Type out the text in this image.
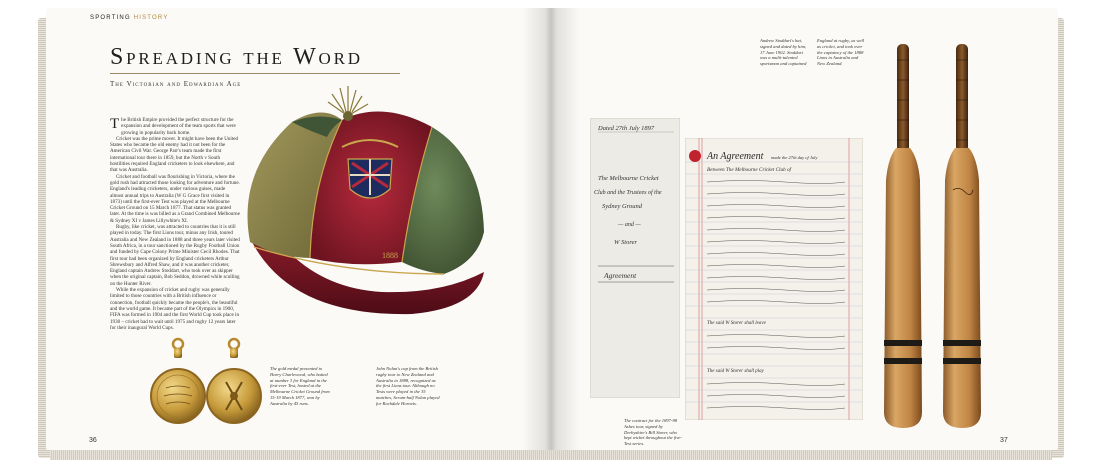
SPORTING HISTORY
Spreading the Word
The Victorian and Edwardian Age

The British Empire provided the perfect structure for the expansion and development of the team sports that were growing in popularity back home.

Cricket was the prime mover. It might have been the United States who became the old enemy had it not been for the American Civil War. George Parr's team made the first international tour there in 1859, but the North v South hostilities required England cricketers to look elsewhere, and that was Australia.

Cricket and football was flourishing in Victoria, where the gold rush had attracted those looking for adventure and fortune. England's leading cricketers, under various guises, made almost annual trips to Australia (W G Grace first visited in 1873) until the first-ever Test was played at the Melbourne Cricket Ground on 15 March 1877. That status was granted later. At the time is was billed as a Grand Combined Melbourne & Sydney XI v James Lillywhite's XI.

Rugby, like cricket, was attracted to countries that it is still played in today. The first Lions tour, minus any Irish, toured Australia and New Zealand in 1888 and three years later visited South Africa, in a tour sanctioned by the Rugby Football Union and funded by Cape Colony Prime Minister Cecil Rhodes. That first tour had been organized by England cricketers Arthur Shrewsbury and Alfred Shaw, and it was another cricketer, England captain Andrew Stoddart, who took over as skipper when the original captain, Bob Seddon, drowned while sculling on the Hunter River.

While the expansion of cricket and rugby was generally limited to those countries with a British influence or connection, football quickly became the people's, the beautiful and the world game. It became part of the Olympics in 1900, FIFA was formed in 1904 and the first World Cup took place in 1930 – cricket had to wait until 1975 and rugby 12 years later for their inaugural World Cups.

1888
The gold medal presented to Harry Charlewood, who batted at number 3 for England in the first-ever Test, hosted at the Melbourne Cricket Ground from 15-19 March 1877, won by Australia by 45 runs.
John Nolan's cap from the British rugby tour to New Zealand and Australia in 1888, recognized as the first Lions tour. Although no Tests were played in the 35 matches, Scrum-half Nolan played for Rochdale Hornets.
36
Andrew Stoddart's hat, signed and dated by him, 17 June 1902. Stoddart was a multi-talented sportsman and captained
England at rugby, as well as cricket, and took over the captaincy of the 1888 Lions in Australia and New Zealand.
Dated 27th July 1897
The Melbourne Cricket
Club and the Trustees of the
Sydney Ground
— and —
W Storer
Agreement
An Agreement made the 27th day of July
Between The Melbourne Cricket Club of
The said W Storer shall leave
The said W Storer shall play
The contract for the 1897-98 Ashes tour, signed by Derbyshire's Bill Storer, who kept wicket throughout the five-Test series.	37
